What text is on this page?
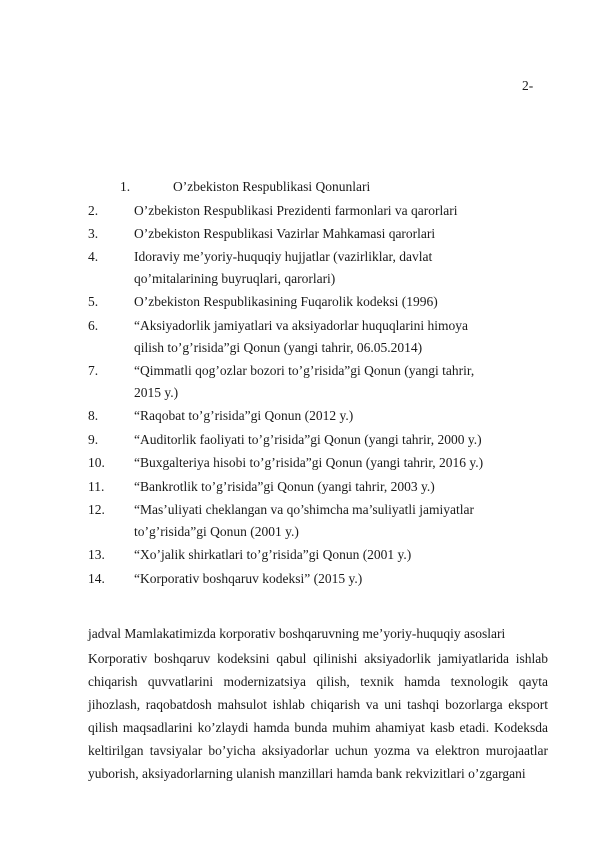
2-
1.	O’zbekiston Respublikasi Qonunlari
2.	O’zbekiston Respublikasi Prezidenti farmonlari va qarorlari
3.	O’zbekiston Respublikasi Vazirlar Mahkamasi qarorlari
4.	Idoraviy me’yoriy-huquqiy hujjatlar (vazirliklar, davlat
qo’mitalarining buyruqlari, qarorlari)
5.	O’zbekiston Respublikasining Fuqarolik kodeksi (1996)
6.	“Aksiyadorlik jamiyatlari va aksiyadorlar huquqlarini himoya
qilish to’g’risida”gi Qonun (yangi tahrir, 06.05.2014)
7.	“Qimmatli qog’ozlar bozori to’g’risida”gi Qonun (yangi tahrir,
2015 y.)
8.	“Raqobat to’g’risida”gi Qonun (2012 y.)
9.	“Auditorlik faoliyati to’g’risida”gi Qonun (yangi tahrir, 2000 y.)
10. “Buxgalteriya hisobi to’g’risida”gi Qonun (yangi tahrir, 2016 y.)
11. “Bankrotlik to’g’risida”gi Qonun (yangi tahrir, 2003 y.)
12. “Mas’uliyati cheklangan va qo’shimcha ma’suliyatli jamiyatlar
to’g’risida”gi Qonun (2001 y.)
13. “Xo’jalik shirkatlari to’g’risida”gi Qonun (2001 y.)
14. “Korporativ boshqaruv kodeksi” (2015 y.)
jadval Mamlakatimizda korporativ boshqaruvning me’yoriy-huquqiy asoslari
Korporativ boshqaruv kodeksini qabul qilinishi aksiyadorlik jamiyatlarida ishlab chiqarish quvvatlarini modernizatsiya qilish, texnik hamda texnologik qayta jihozlash, raqobatdosh mahsulot ishlab chiqarish va uni tashqi bozorlarga eksport qilish maqsadlarini ko’zlaydi hamda bunda muhim ahamiyat kasb etadi. Kodeksda keltirilgan tavsiyalar bo’yicha aksiyadorlar uchun yozma va elektron murojaatlar yuborish, aksiyadorlarning ulanish manzillari hamda bank rekvizitlari o’zgargani
